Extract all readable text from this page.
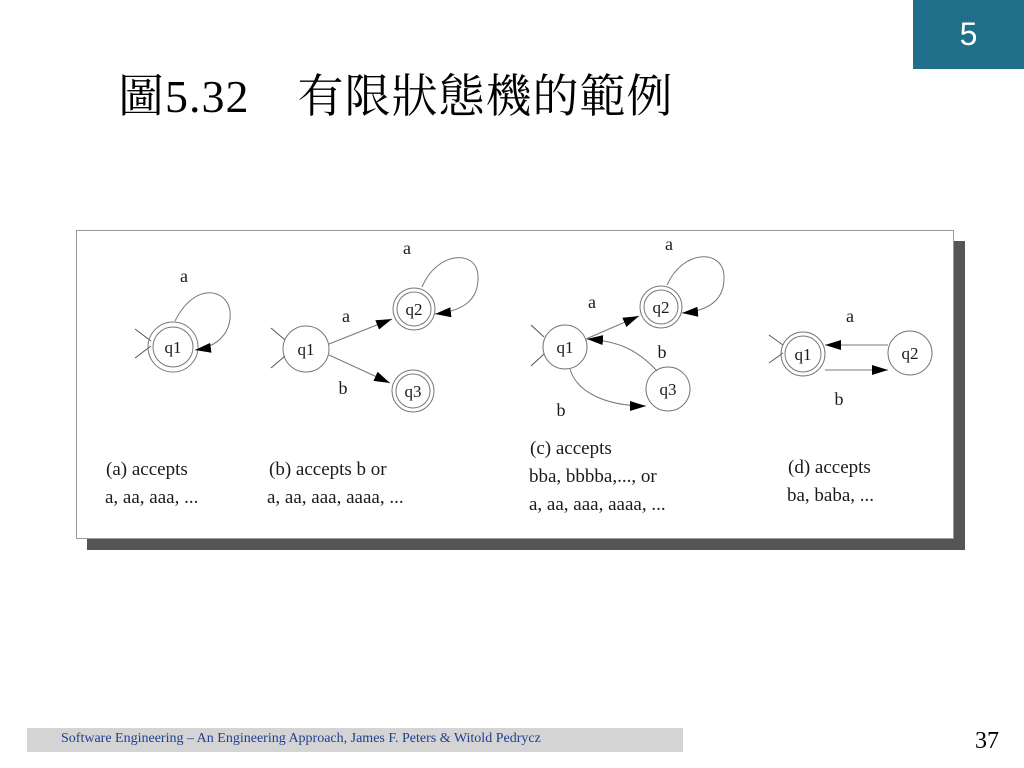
5
圖5.32 有限狀態機的範例
q1
a
q1
q2
q3
a
b
a
q1
q2
q3
a
b
b
a
q1	q2
a
b
(a) accepts
a, aa, aaa, ...
(b) accepts b or
a, aa, aaa, aaaa, ...
(c) accepts
bba, bbbba,..., or
a, aa, aaa, aaaa, ...
(d) accepts
ba, baba, ...
Software Engineering – An Engineering Approach, James F. Peters & Witold Pedrycz	37
